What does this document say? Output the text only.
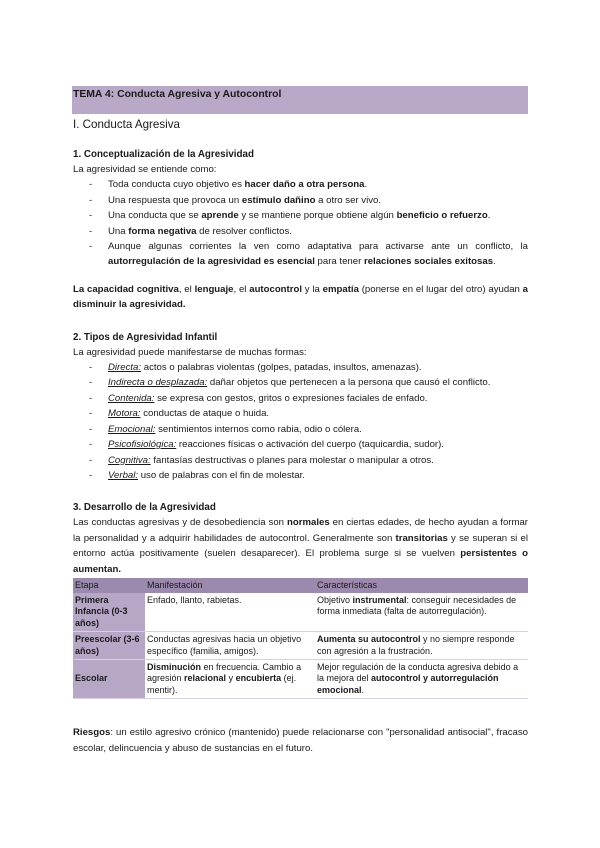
TEMA 4: Conducta Agresiva y Autocontrol
I. Conducta Agresiva
1. Conceptualización de la Agresividad

La agresividad se entiende como:

- Toda conducta cuyo objetivo es hacer daño a otra persona.
- Una respuesta que provoca un estímulo dañino a otro ser vivo.
- Una conducta que se aprende y se mantiene porque obtiene algún beneficio o refuerzo.
- Una forma negativa de resolver conflictos.
- Aunque algunas corrientes la ven como adaptativa para activarse ante un conflicto, la autorregulación de la agresividad es esencial para tener relaciones sociales exitosas.

La capacidad cognitiva, el lenguaje, el autocontrol y la empatía (ponerse en el lugar del otro) ayudan a disminuir la agresividad.

2. Tipos de Agresividad Infantil

La agresividad puede manifestarse de muchas formas:

- Directa: actos o palabras violentas (golpes, patadas, insultos, amenazas).
- Indirecta o desplazada: dañar objetos que pertenecen a la persona que causó el conflicto.
- Contenida: se expresa con gestos, gritos o expresiones faciales de enfado.
- Motora: conductas de ataque o huida.
- Emocional: sentimientos internos como rabia, odio o cólera.
- Psicofisiológica: reacciones físicas o activación del cuerpo (taquicardia, sudor).
- Cognitiva: fantasías destructivas o planes para molestar o manipular a otros.
- Verbal: uso de palabras con el fin de molestar.
3. Desarrollo de la Agresividad

Las conductas agresivas y de desobediencia son normales en ciertas edades, de hecho ayudan a formar la personalidad y a adquirir habilidades de autocontrol. Generalmente son transitorias y se superan si el entorno actúa positivamente (suelen desaparecer). El problema surge si se vuelven persistentes o aumentan.

Etapa	Manifestación	Características
Primera Infancia (0-3 años)	Enfado, llanto, rabietas.	Objetivo instrumental: conseguir necesidades de forma inmediata (falta de autorregulación).
Preescolar (3-6 años)	Conductas agresivas hacia un objetivo específico (familia, amigos).	Aumenta su autocontrol y no siempre responde con agresión a la frustración.
Escolar	Disminución en frecuencia. Cambio a agresión relacional y encubierta (ej. mentir).	Mejor regulación de la conducta agresiva debido a la mejora del autocontrol y autorregulación emocional.

Riesgos: un estilo agresivo crónico (mantenido) puede relacionarse con "personalidad antisocial", fracaso escolar, delincuencia y abuso de sustancias en el futuro.
